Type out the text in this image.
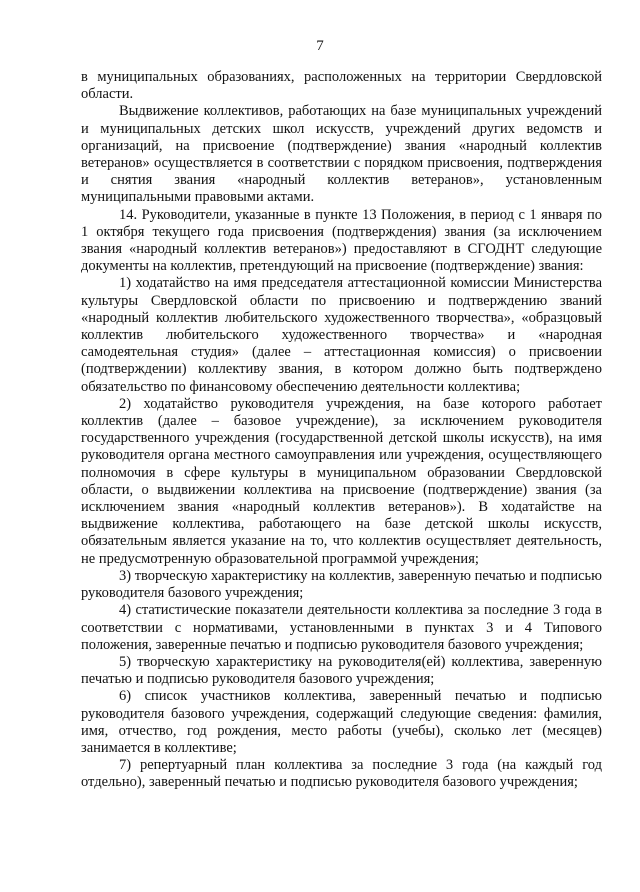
7

в муниципальных образованиях, расположенных на территории Свердловской области.

Выдвижение коллективов, работающих на базе муниципальных учреждений и муниципальных детских школ искусств, учреждений других ведомств и организаций, на присвоение (подтверждение) звания «народный коллектив ветеранов» осуществляется в соответствии с порядком присвоения, подтверждения и снятия звания «народный коллектив ветеранов», установленным муниципальными правовыми актами.

14. Руководители, указанные в пункте 13 Положения, в период с 1 января по 1 октября текущего года присвоения (подтверждения) звания (за исключением звания «народный коллектив ветеранов») предоставляют в СГОДНТ следующие документы на коллектив, претендующий на присвоение (подтверждение) звания:

1) ходатайство на имя председателя аттестационной комиссии Министерства культуры Свердловской области по присвоению и подтверждению званий «народный коллектив любительского художественного творчества», «образцовый коллектив любительского художественного творчества» и «народная самодеятельная студия» (далее – аттестационная комиссия) о присвоении (подтверждении) коллективу звания, в котором должно быть подтверждено обязательство по финансовому обеспечению деятельности коллектива;

2) ходатайство руководителя учреждения, на базе которого работает коллектив (далее – базовое учреждение), за исключением руководителя государственного учреждения (государственной детской школы искусств), на имя руководителя органа местного самоуправления или учреждения, осуществляющего полномочия в сфере культуры в муниципальном образовании Свердловской области, о выдвижении коллектива на присвоение (подтверждение) звания (за исключением звания «народный коллектив ветеранов»). В ходатайстве на выдвижение коллектива, работающего на базе детской школы искусств, обязательным является указание на то, что коллектив осуществляет деятельность, не предусмотренную образовательной программой учреждения;

3) творческую характеристику на коллектив, заверенную печатью и подписью руководителя базового учреждения;

4) статистические показатели деятельности коллектива за последние 3 года в соответствии с нормативами, установленными в пунктах 3 и 4 Типового положения, заверенные печатью и подписью руководителя базового учреждения;

5) творческую характеристику на руководителя(ей) коллектива, заверенную печатью и подписью руководителя базового учреждения;

6) список участников коллектива, заверенный печатью и подписью руководителя базового учреждения, содержащий следующие сведения: фамилия, имя, отчество, год рождения, место работы (учебы), сколько лет (месяцев) занимается в коллективе;

7) репертуарный план коллектива за последние 3 года (на каждый год отдельно), заверенный печатью и подписью руководителя базового учреждения;
